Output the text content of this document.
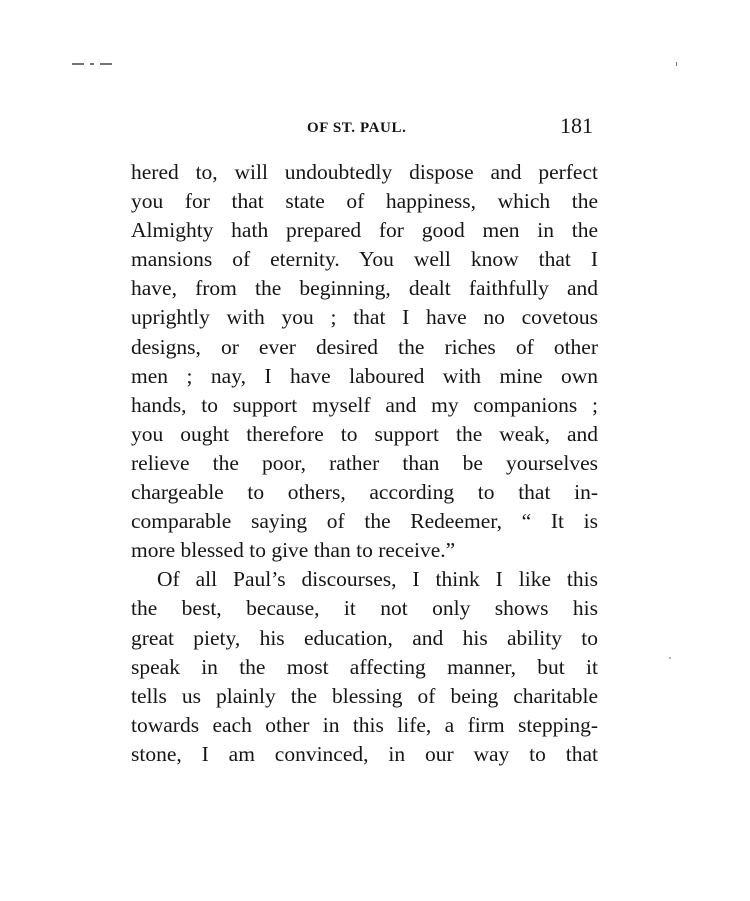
OF ST. PAUL.	181
hered to, will undoubtedly dispose and perfect
you for that state of happiness, which the
Almighty hath prepared for good men in the
mansions of eternity. You well know that I
have, from the beginning, dealt faithfully and
uprightly with you ; that I have no covetous
designs, or ever desired the riches of other
men ; nay, I have laboured with mine own
hands, to support myself and my companions ;
you ought therefore to support the weak, and
relieve the poor, rather than be yourselves
chargeable to others, according to that in-
comparable saying of the Redeemer, “ It is
more blessed to give than to receive.”
Of all Paul’s discourses, I think I like this
the best, because, it not only shows his
great piety, his education, and his ability to
speak in the most affecting manner, but it
tells us plainly the blessing of being charitable
towards each other in this life, a firm stepping-
stone, I am convinced, in our way to that
